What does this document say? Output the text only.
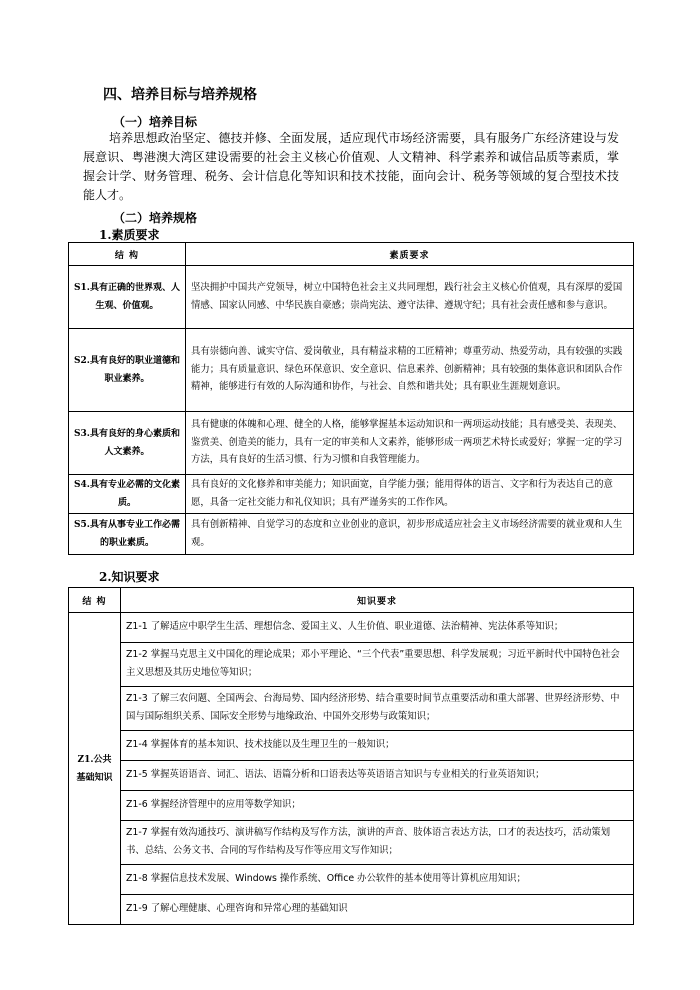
四、培养目标与培养规格
（一）培养目标
培养思想政治坚定、德技并修、全面发展，适应现代市场经济需要，具有服务广东经济建设与发展意识、粤港澳大湾区建设需要的社会主义核心价值观、人文精神、科学素养和诚信品质等素质，掌握会计学、财务管理、税务、会计信息化等知识和技术技能，面向会计、税务等领域的复合型技术技能人才。
（二）培养规格
1.素质要求
结 构	素质要求
S1.具有正确的世界观、人生观、价值观。	坚决拥护中国共产党领导，树立中国特色社会主义共同理想，践行社会主义核心价值观，具有深厚的爱国情感、国家认同感、中华民族自豪感；崇尚宪法、遵守法律、遵规守纪；具有社会责任感和参与意识。
S2.具有良好的职业道德和职业素养。	具有崇德向善、诚实守信、爱岗敬业，具有精益求精的工匠精神；尊重劳动、热爱劳动，具有较强的实践能力；具有质量意识、绿色环保意识、安全意识、信息素养、创新精神；具有较强的集体意识和团队合作精神，能够进行有效的人际沟通和协作，与社会、自然和谐共处；具有职业生涯规划意识。
S3.具有良好的身心素质和人文素养。	具有健康的体魄和心理、健全的人格，能够掌握基本运动知识和一两项运动技能；具有感受美、表现美、鉴赏美、创造美的能力，具有一定的审美和人文素养，能够形成一两项艺术特长或爱好；掌握一定的学习方法，具有良好的生活习惯、行为习惯和自我管理能力。
S4.具有专业必需的文化素质。	具有良好的文化修养和审美能力；知识面宽，自学能力强；能用得体的语言、文字和行为表达自己的意愿，具备一定社交能力和礼仪知识；具有严谨务实的工作作风。
S5.具有从事专业工作必需的职业素质。	具有创新精神、自觉学习的态度和立业创业的意识，初步形成适应社会主义市场经济需要的就业观和人生观。
2.知识要求
结 构	知识要求
Z1.公共基础知识	Z1-1 了解适应中职学生生活、理想信念、爱国主义、人生价值、职业道德、法治精神、宪法体系等知识；
	Z1-2 掌握马克思主义中国化的理论成果；邓小平理论、“三个代表”重要思想、科学发展观；习近平新时代中国特色社会主义思想及其历史地位等知识；
	Z1-3 了解三农问题、全国两会、台海局势、国内经济形势、结合重要时间节点重要活动和重大部署、世界经济形势、中国与国际组织关系、国际安全形势与地缘政治、中国外交形势与政策知识；
	Z1-4 掌握体育的基本知识、技术技能以及生理卫生的一般知识；
	Z1-5 掌握英语语音、词汇、语法、语篇分析和口语表达等英语语言知识与专业相关的行业英语知识；
	Z1-6 掌握经济管理中的应用等数学知识；
	Z1-7 掌握有效沟通技巧、演讲稿写作结构及写作方法，演讲的声音、肢体语言表达方法，口才的表达技巧，活动策划书、总结、公务文书、合同的写作结构及写作等应用文写作知识；
	Z1-8 掌握信息技术发展、Windows 操作系统、Office 办公软件的基本使用等计算机应用知识；
	Z1-9 了解心理健康、心理咨询和异常心理的基础知识
